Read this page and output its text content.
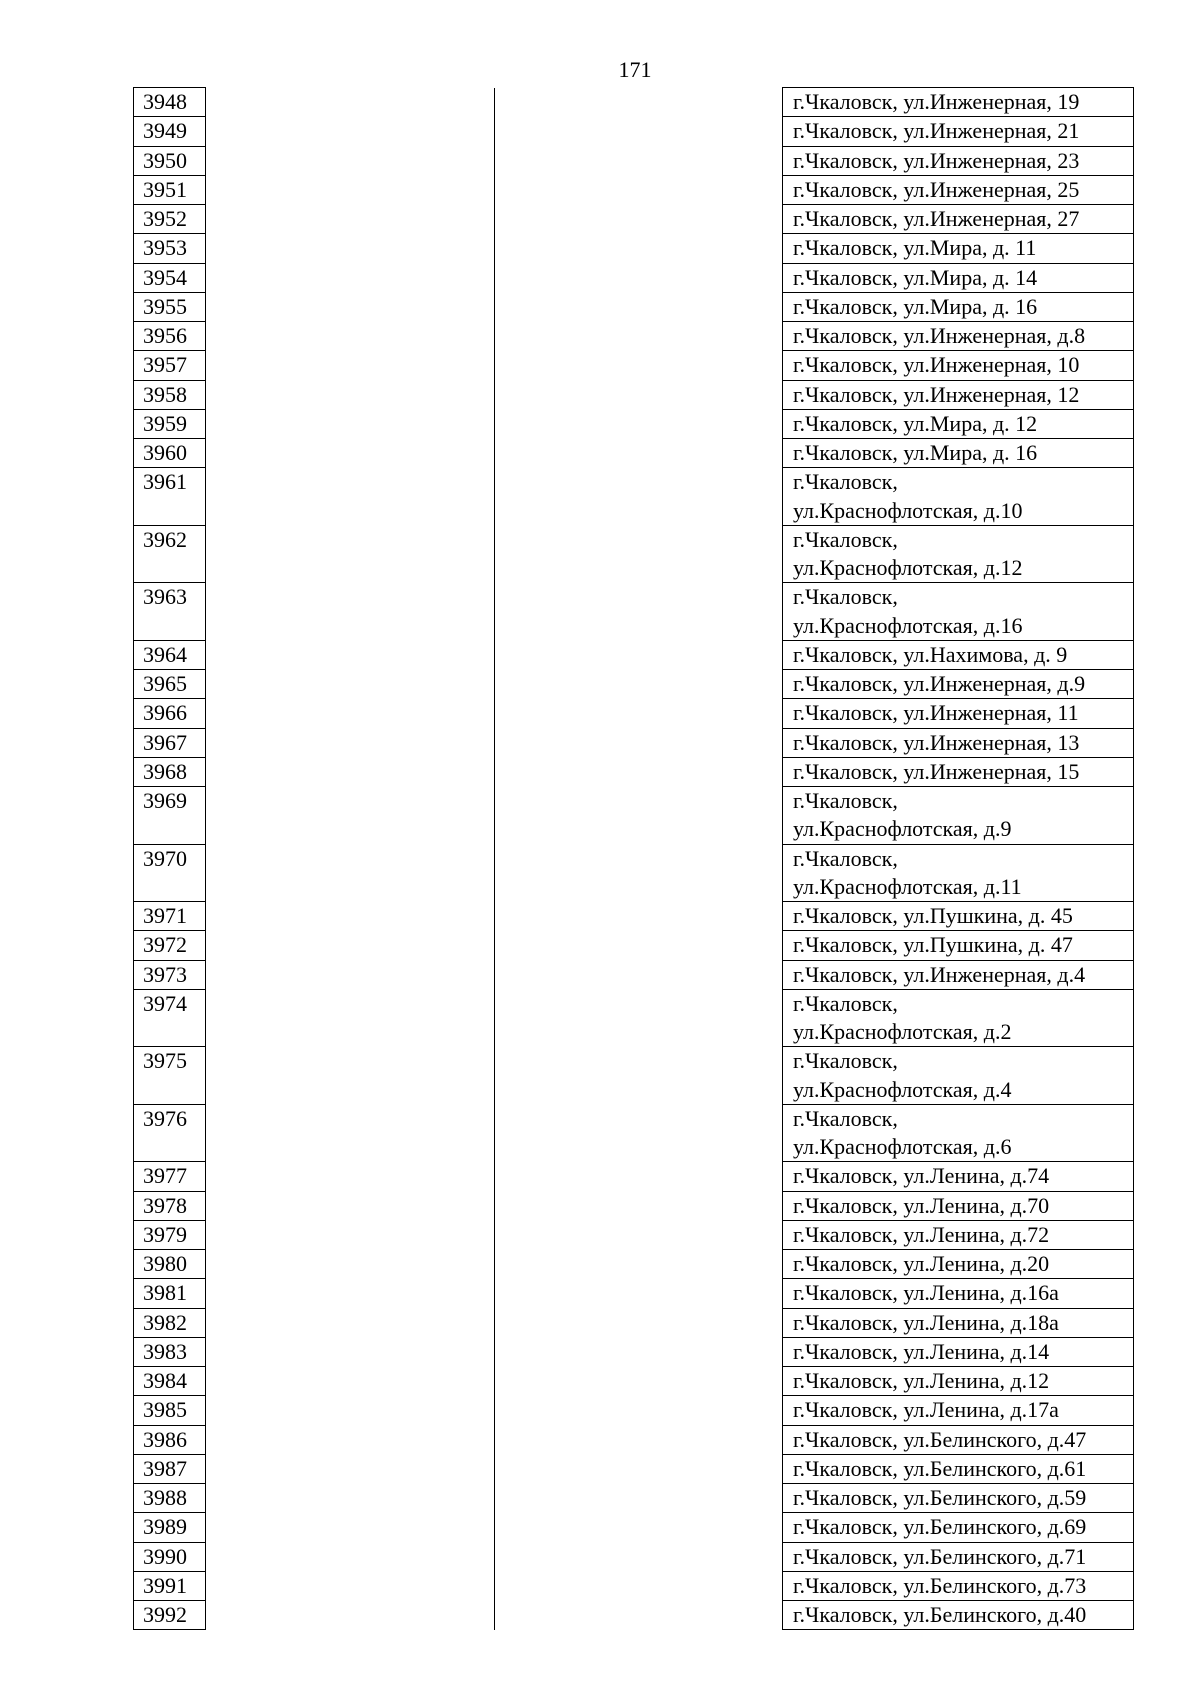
171
3948			г.Чкаловск, ул.Инженерная, 19
3949			г.Чкаловск, ул.Инженерная, 21
3950			г.Чкаловск, ул.Инженерная, 23
3951			г.Чкаловск, ул.Инженерная, 25
3952			г.Чкаловск, ул.Инженерная, 27
3953			г.Чкаловск, ул.Мира, д. 11
3954			г.Чкаловск, ул.Мира, д. 14
3955			г.Чкаловск, ул.Мира, д. 16
3956			г.Чкаловск, ул.Инженерная, д.8
3957			г.Чкаловск, ул.Инженерная, 10
3958			г.Чкаловск, ул.Инженерная, 12
3959			г.Чкаловск, ул.Мира, д. 12
3960			г.Чкаловск, ул.Мира, д. 16
3961			г.Чкаловск,
ул.Краснофлотская, д.10
3962			г.Чкаловск,
ул.Краснофлотская, д.12
3963			г.Чкаловск,
ул.Краснофлотская, д.16
3964			г.Чкаловск, ул.Нахимова, д. 9
3965			г.Чкаловск, ул.Инженерная, д.9
3966			г.Чкаловск, ул.Инженерная, 11
3967			г.Чкаловск, ул.Инженерная, 13
3968			г.Чкаловск, ул.Инженерная, 15
3969			г.Чкаловск,
ул.Краснофлотская, д.9
3970			г.Чкаловск,
ул.Краснофлотская, д.11
3971			г.Чкаловск, ул.Пушкина, д. 45
3972			г.Чкаловск, ул.Пушкина, д. 47
3973			г.Чкаловск, ул.Инженерная, д.4
3974			г.Чкаловск,
ул.Краснофлотская, д.2
3975			г.Чкаловск,
ул.Краснофлотская, д.4
3976			г.Чкаловск,
ул.Краснофлотская, д.6
3977			г.Чкаловск, ул.Ленина, д.74
3978			г.Чкаловск, ул.Ленина, д.70
3979			г.Чкаловск, ул.Ленина, д.72
3980			г.Чкаловск, ул.Ленина, д.20
3981			г.Чкаловск, ул.Ленина, д.16а
3982			г.Чкаловск, ул.Ленина, д.18а
3983			г.Чкаловск, ул.Ленина, д.14
3984			г.Чкаловск, ул.Ленина, д.12
3985			г.Чкаловск, ул.Ленина, д.17а
3986			г.Чкаловск, ул.Белинского, д.47
3987			г.Чкаловск, ул.Белинского, д.61
3988			г.Чкаловск, ул.Белинского, д.59
3989			г.Чкаловск, ул.Белинского, д.69
3990			г.Чкаловск, ул.Белинского, д.71
3991			г.Чкаловск, ул.Белинского, д.73
3992			г.Чкаловск, ул.Белинского, д.40
